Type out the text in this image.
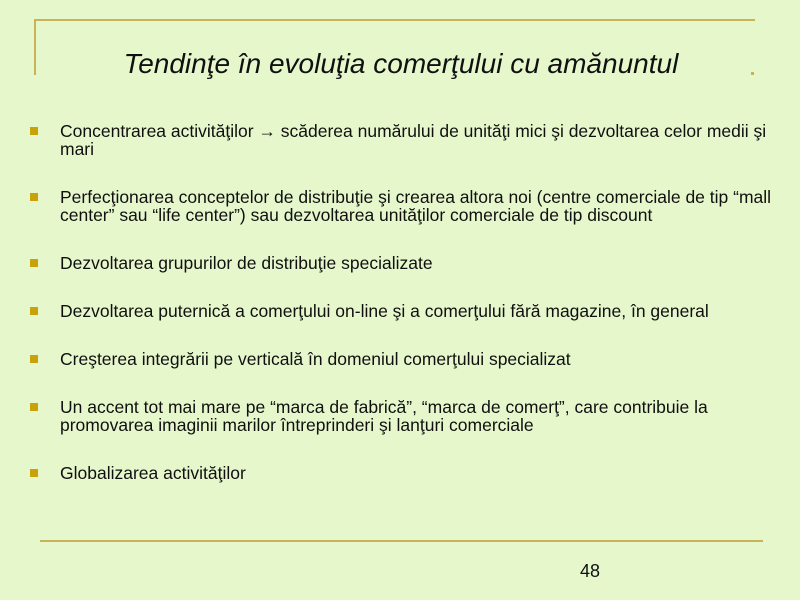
Tendinţe în evoluţia comerţului cu amănuntul
Concentrarea activităţilor → scăderea numărului de unităţi mici şi dezvoltarea celor medii şi mari
Perfecţionarea conceptelor de distribuţie şi crearea altora noi (centre comerciale de tip “mall center” sau “life center”) sau dezvoltarea unităţilor comerciale de tip discount
Dezvoltarea grupurilor de distribuţie specializate
Dezvoltarea puternică a comerţului on-line şi a comerţului fără magazine, în general
Creşterea integrării pe verticală în domeniul comerţului specializat
Un accent tot mai mare pe “marca de fabrică”, “marca de comerţ”, care contribuie la promovarea imaginii marilor întreprinderi şi lanţuri comerciale
Globalizarea activităţilor
48
